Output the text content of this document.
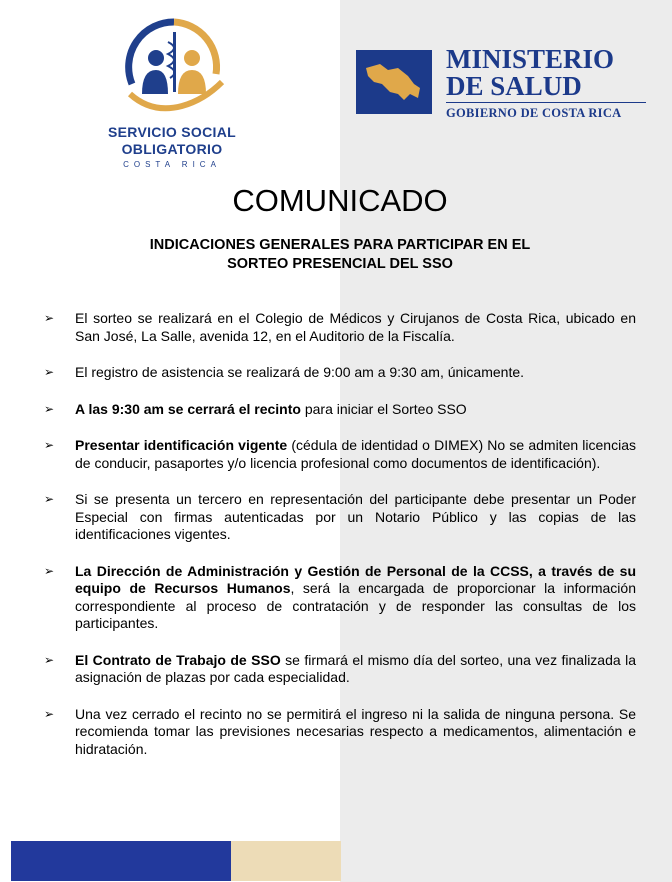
SERVICIO SOCIAL
OBLIGATORIO
COSTA RICA
MINISTERIO
DE SALUD
GOBIERNO DE COSTA RICA
COMUNICADO
INDICACIONES GENERALES PARA PARTICIPAR EN EL
SORTEO PRESENCIAL DEL SSO
➢ El sorteo se realizará en el Colegio de Médicos y Cirujanos de Costa Rica, ubicado en San José, La Salle, avenida 12, en el Auditorio de la Fiscalía.
➢ El registro de asistencia se realizará de 9:00 am a 9:30 am, únicamente.
➢ A las 9:30 am se cerrará el recinto para iniciar el Sorteo SSO
➢ Presentar identificación vigente (cédula de identidad o DIMEX) No se admiten licencias de conducir, pasaportes y/o licencia profesional como documentos de identificación).
➢ Si se presenta un tercero en representación del participante debe presentar un Poder Especial con firmas autenticadas por un Notario Público y las copias de las identificaciones vigentes.
➢ La Dirección de Administración y Gestión de Personal de la CCSS, a través de su equipo de Recursos Humanos, será la encargada de proporcionar la información correspondiente al proceso de contratación y de responder las consultas de los participantes.
➢ El Contrato de Trabajo de SSO se firmará el mismo día del sorteo, una vez finalizada la asignación de plazas por cada especialidad.
➢ Una vez cerrado el recinto no se permitirá el ingreso ni la salida de ninguna persona. Se recomienda tomar las previsiones necesarias respecto a medicamentos, alimentación e hidratación.
